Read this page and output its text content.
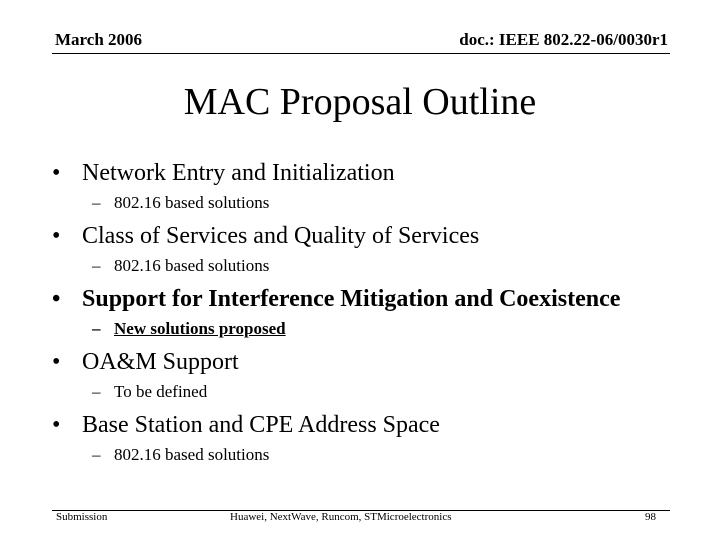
March 2006	doc.: IEEE 802.22-06/0030r1
MAC Proposal Outline
• Network Entry and Initialization
– 802.16 based solutions
• Class of Services and Quality of Services
– 802.16 based solutions
• Support for Interference Mitigation and Coexistence
– New solutions proposed
• OA&M Support
– To be defined
• Base Station and CPE Address Space
– 802.16 based solutions
Submission	Huawei, NextWave, Runcom, STMicroelectronics	98
